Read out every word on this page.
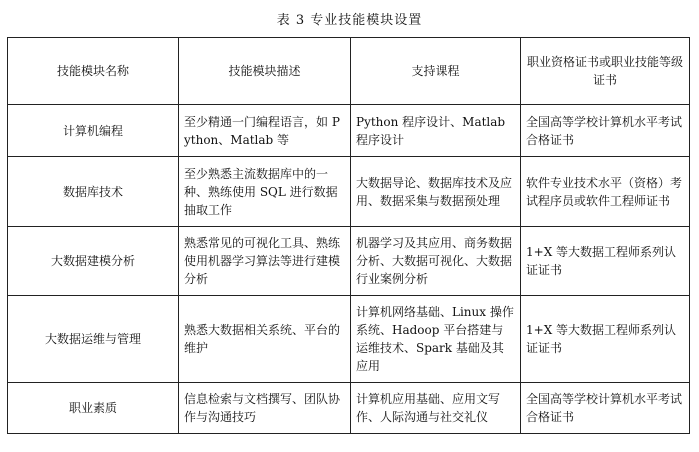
表 3 专业技能模块设置
技能模块名称	技能模块描述	支持课程	职业资格证书或职业技能等级证书
计算机编程	至少精通一门编程语言，如 Python、Matlab 等	Python 程序设计、Matlab 程序设计	全国高等学校计算机水平考试合格证书
数据库技术	至少熟悉主流数据库中的一种、熟练使用 SQL 进行数据抽取工作	大数据导论、数据库技术及应用、数据采集与数据预处理	软件专业技术水平（资格）考试程序员或软件工程师证书
大数据建模分析	熟悉常见的可视化工具、熟练使用机器学习算法等进行建模分析	机器学习及其应用、商务数据分析、大数据可视化、大数据行业案例分析	1+X 等大数据工程师系列认证证书
大数据运维与管理	熟悉大数据相关系统、平台的维护	计算机网络基础、Linux 操作系统、Hadoop 平台搭建与运维技术、Spark 基础及其应用	1+X 等大数据工程师系列认证证书
职业素质	信息检索与文档撰写、团队协作与沟通技巧	计算机应用基础、应用文写作、人际沟通与社交礼仪	全国高等学校计算机水平考试合格证书
